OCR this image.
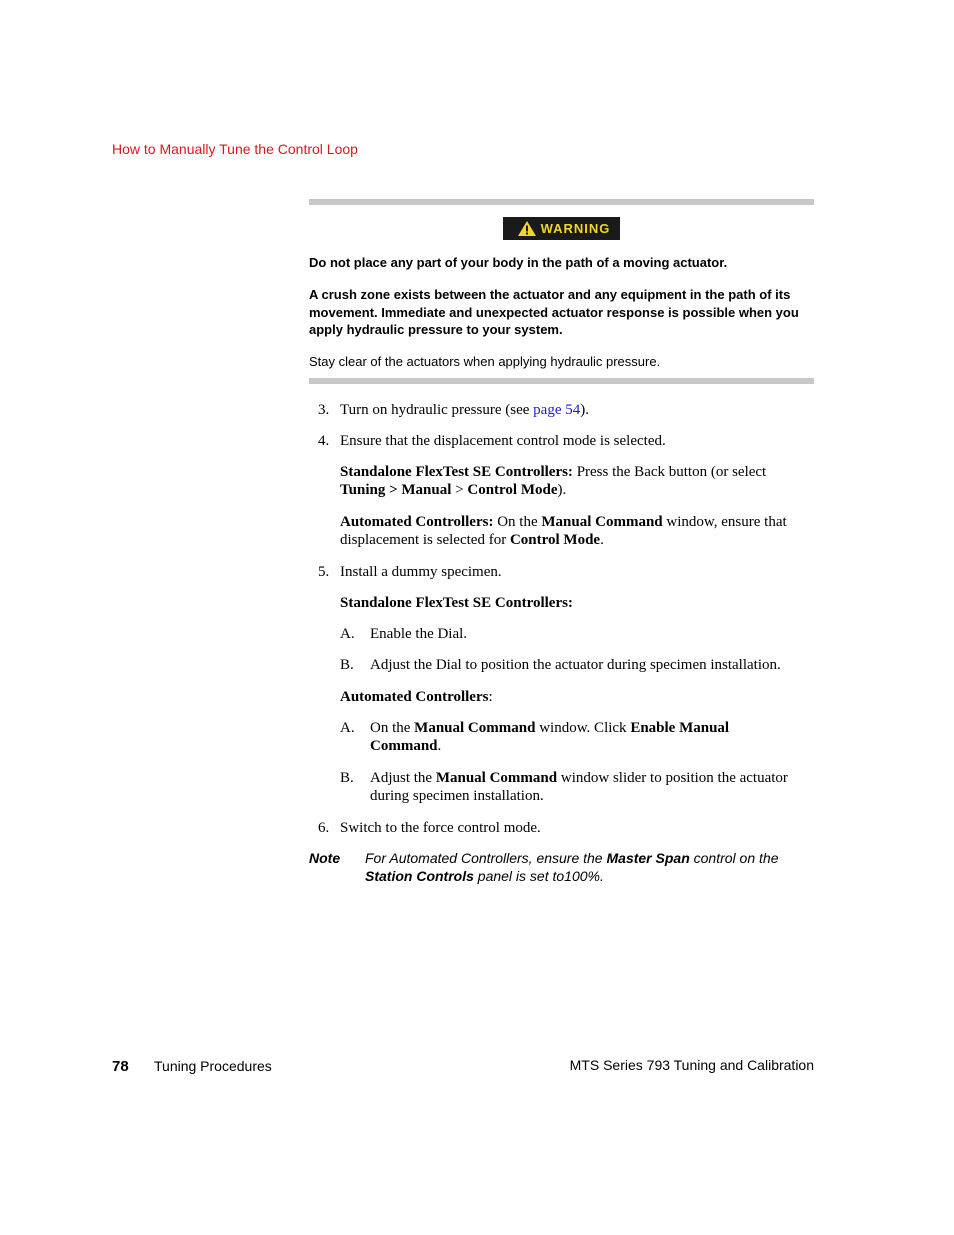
How to Manually Tune the Control Loop
WARNING
Do not place any part of your body in the path of a moving actuator.
A crush zone exists between the actuator and any equipment in the path of its movement. Immediate and unexpected actuator response is possible when you apply hydraulic pressure to your system.
Stay clear of the actuators when applying hydraulic pressure.
3. Turn on hydraulic pressure (see page 54).
4. Ensure that the displacement control mode is selected.
Standalone FlexTest SE Controllers: Press the Back button (or select Tuning > Manual > Control Mode).
Automated Controllers: On the Manual Command window, ensure that displacement is selected for Control Mode.
5. Install a dummy specimen.
Standalone FlexTest SE Controllers:
A. Enable the Dial.
B. Adjust the Dial to position the actuator during specimen installation.
Automated Controllers:
A. On the Manual Command window. Click Enable Manual Command.
B. Adjust the Manual Command window slider to position the actuator during specimen installation.
6. Switch to the force control mode.
Note For Automated Controllers, ensure the Master Span control on the Station Controls panel is set to100%.
78 Tuning Procedures	MTS Series 793 Tuning and Calibration
